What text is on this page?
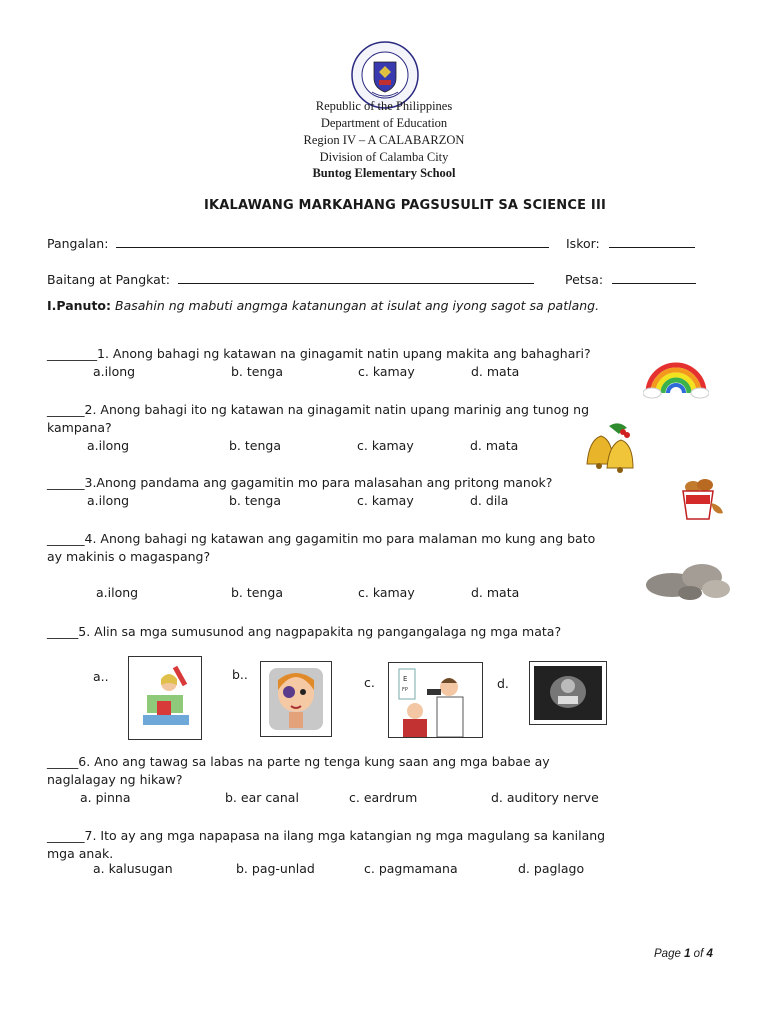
Republic of the Philippines
Department of Education
Region IV – A CALABARZON
Division of Calamba City
Buntog Elementary School
IKALAWANG MARKAHANG PAGSUSULIT SA SCIENCE III
Pangalan:	Iskor:
Baitang at Pangkat:	Petsa:
I.Panuto: Basahin ng mabuti angmga katanungan at isulat ang iyong sagot sa patlang.
________1. Anong bahagi ng katawan na ginagamit natin upang makita ang bahaghari?
a.ilong	b. tenga	c. kamay	d. mata
______2. Anong bahagi ito ng katawan na ginagamit natin upang marinig ang tunog ng
kampana?
a.ilong	b. tenga	c. kamay	d. mata
______3.Anong pandama ang gagamitin mo para malasahan ang pritong manok?
a.ilong	b. tenga	c. kamay	d. dila
______4. Anong bahagi ng katawan ang gagamitin mo para malaman mo kung ang bato
ay makinis o magaspang?
a.ilong	b. tenga	c. kamay	d. mata
_____5. Alin sa mga sumusunod ang nagpapakita ng pangangalaga ng mga mata?
a..	b..
c.	d.
E
FP
_____6. Ano ang tawag sa labas na parte ng tenga kung saan ang mga babae ay
naglalagay ng hikaw?
a. pinna	b. ear canal	c. eardrum	d. auditory nerve
______7. Ito ay ang mga napapasa na ilang mga katangian ng mga magulang sa kanilang
mga anak.
a. kalusugan	b. pag-unlad	c. pagmamana	d. paglago
Page 1 of 4
